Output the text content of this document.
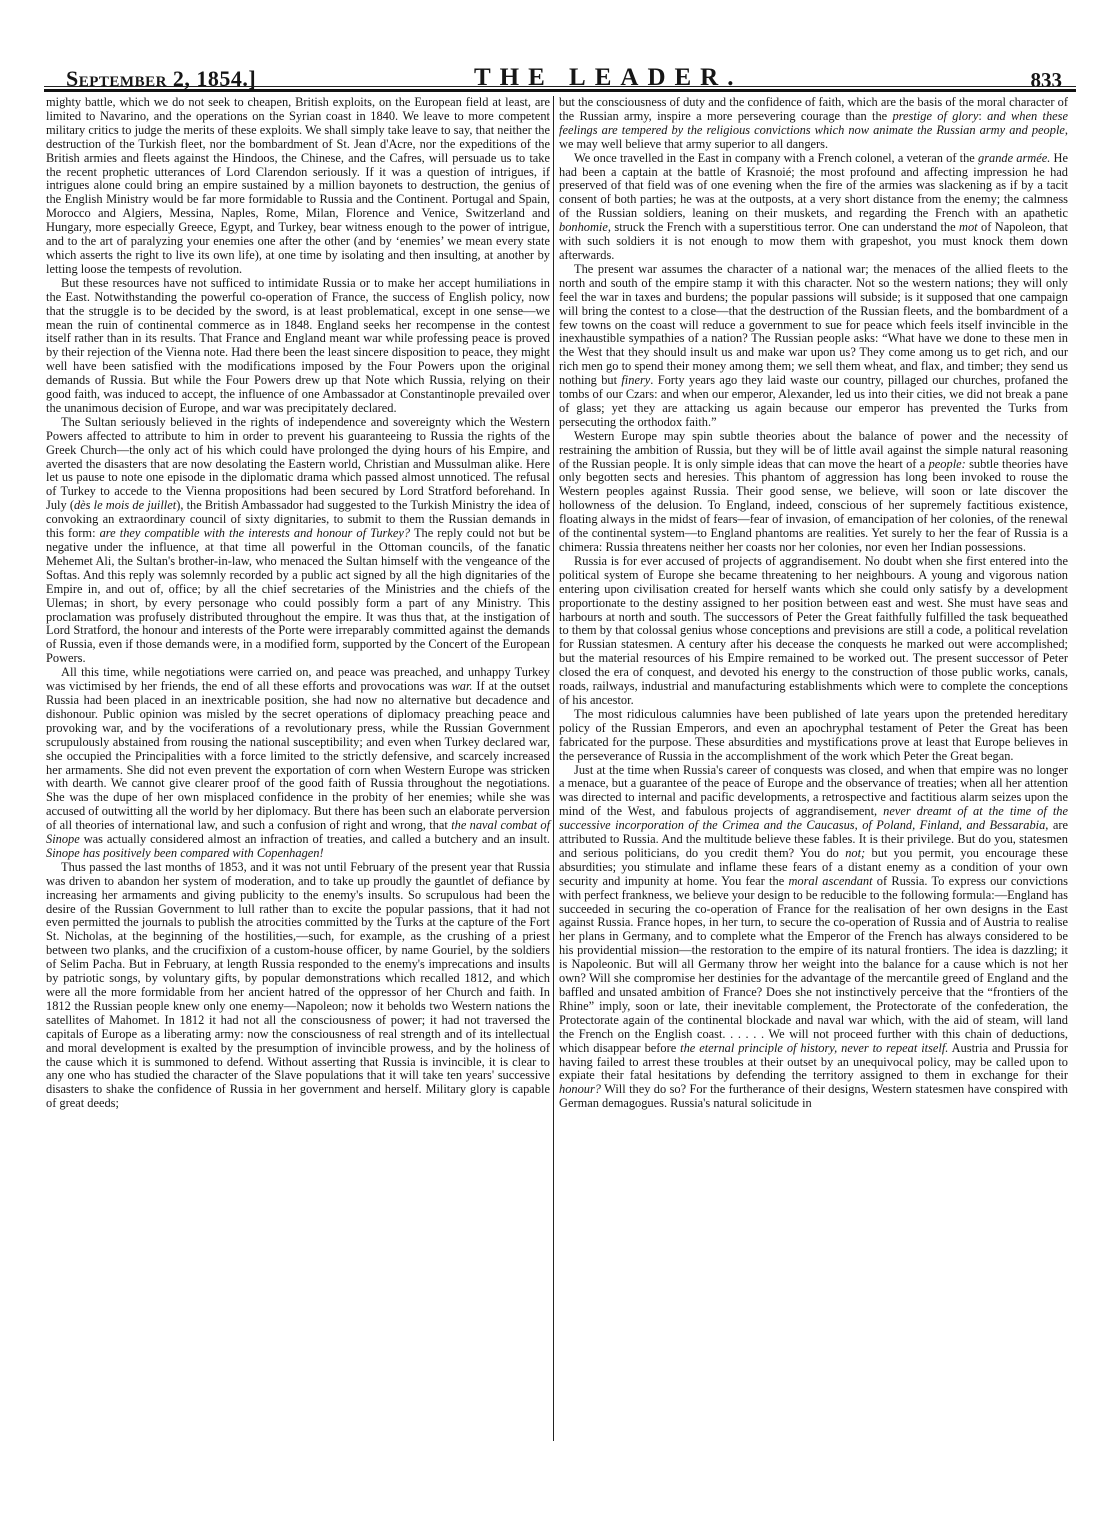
September 2, 1854.]	THE LEADER.	833

mighty battle, which we do not seek to cheapen, British exploits, on the European field at least, are limited to Navarino, and the operations on the Syrian coast in 1840. We leave to more competent military critics to judge the merits of these exploits. We shall simply take leave to say, that neither the destruction of the Turkish fleet, nor the bombardment of St. Jean d'Acre, nor the expeditions of the British armies and fleets against the Hindoos, the Chinese, and the Cafres, will persuade us to take the recent prophetic utterances of Lord Clarendon seriously. If it was a question of intrigues, if intrigues alone could bring an empire sustained by a million bayonets to destruction, the genius of the English Ministry would be far more formidable to Russia and the Continent. Portugal and Spain, Morocco and Algiers, Messina, Naples, Rome, Milan, Florence and Venice, Switzerland and Hungary, more especially Greece, Egypt, and Turkey, bear witness enough to the power of intrigue, and to the art of paralyzing your enemies one after the other (and by ‘enemies’ we mean every state which asserts the right to live its own life), at one time by isolating and then insulting, at another by letting loose the tempests of revolution.

But these resources have not sufficed to intimidate Russia or to make her accept humiliations in the East. Notwithstanding the powerful co-operation of France, the success of English policy, now that the struggle is to be decided by the sword, is at least problematical, except in one sense—we mean the ruin of continental commerce as in 1848. England seeks her recompense in the contest itself rather than in its results. That France and England meant war while professing peace is proved by their rejection of the Vienna note. Had there been the least sincere disposition to peace, they might well have been satisfied with the modifications imposed by the Four Powers upon the original demands of Russia. But while the Four Powers drew up that Note which Russia, relying on their good faith, was induced to accept, the influence of one Ambassador at Constantinople prevailed over the unanimous decision of Europe, and war was precipitately declared.

The Sultan seriously believed in the rights of independence and sovereignty which the Western Powers affected to attribute to him in order to prevent his guaranteeing to Russia the rights of the Greek Church—the only act of his which could have prolonged the dying hours of his Empire, and averted the disasters that are now desolating the Eastern world, Christian and Mussulman alike. Here let us pause to note one episode in the diplomatic drama which passed almost unnoticed. The refusal of Turkey to accede to the Vienna propositions had been secured by Lord Stratford beforehand. In July (dès le mois de juillet), the British Ambassador had suggested to the Turkish Ministry the idea of convoking an extraordinary council of sixty dignitaries, to submit to them the Russian demands in this form: are they compatible with the interests and honour of Turkey? The reply could not but be negative under the influence, at that time all powerful in the Ottoman councils, of the fanatic Mehemet Ali, the Sultan's brother-in-law, who menaced the Sultan himself with the vengeance of the Softas. And this reply was solemnly recorded by a public act signed by all the high dignitaries of the Empire in, and out of, office; by all the chief secretaries of the Ministries and the chiefs of the Ulemas; in short, by every personage who could possibly form a part of any Ministry. This proclamation was profusely distributed throughout the empire. It was thus that, at the instigation of Lord Stratford, the honour and interests of the Porte were irreparably committed against the demands of Russia, even if those demands were, in a modified form, supported by the Concert of the European Powers.

All this time, while negotiations were carried on, and peace was preached, and unhappy Turkey was victimised by her friends, the end of all these efforts and provocations was war. If at the outset Russia had been placed in an inextricable position, she had now no alternative but decadence and dishonour. Public opinion was misled by the secret operations of diplomacy preaching peace and provoking war, and by the vociferations of a revolutionary press, while the Russian Government scrupulously abstained from rousing the national susceptibility; and even when Turkey declared war, she occupied the Principalities with a force limited to the strictly defensive, and scarcely increased her armaments. She did not even prevent the exportation of corn when Western Europe was stricken with dearth. We cannot give clearer proof of the good faith of Russia throughout the negotiations. She was the dupe of her own misplaced confidence in the probity of her enemies; while she was accused of outwitting all the world by her diplomacy. But there has been such an elaborate perversion of all theories of international law, and such a confusion of right and wrong, that the naval combat of Sinope was actually considered almost an infraction of treaties, and called a butchery and an insult. Sinope has positively been compared with Copenhagen!

Thus passed the last months of 1853, and it was not until February of the present year that Russia was driven to abandon her system of moderation, and to take up proudly the gauntlet of defiance by increasing her armaments and giving publicity to the enemy's insults. So scrupulous had been the desire of the Russian Government to lull rather than to excite the popular passions, that it had not even permitted the journals to publish the atrocities committed by the Turks at the capture of the Fort St. Nicholas, at the beginning of the hostilities,—such, for example, as the crushing of a priest between two planks, and the crucifixion of a custom-house officer, by name Gouriel, by the soldiers of Selim Pacha. But in February, at length Russia responded to the enemy's imprecations and insults by patriotic songs, by voluntary gifts, by popular demonstrations which recalled 1812, and which were all the more formidable from her ancient hatred of the oppressor of her Church and faith. In 1812 the Russian people knew only one enemy—Napoleon; now it beholds two Western nations the satellites of Mahomet. In 1812 it had not all the consciousness of power; it had not traversed the capitals of Europe as a liberating army: now the consciousness of real strength and of its intellectual and moral development is exalted by the presumption of invincible prowess, and by the holiness of the cause which it is summoned to defend. Without asserting that Russia is invincible, it is clear to any one who has studied the character of the Slave populations that it will take ten years' successive disasters to shake the confidence of Russia in her government and herself. Military glory is capable of great deeds;

but the consciousness of duty and the confidence of faith, which are the basis of the moral character of the Russian army, inspire a more persevering courage than the prestige of glory: and when these feelings are tempered by the religious convictions which now animate the Russian army and people, we may well believe that army superior to all dangers.

We once travelled in the East in company with a French colonel, a veteran of the grande armée. He had been a captain at the battle of Krasnoié; the most profound and affecting impression he had preserved of that field was of one evening when the fire of the armies was slackening as if by a tacit consent of both parties; he was at the outposts, at a very short distance from the enemy; the calmness of the Russian soldiers, leaning on their muskets, and regarding the French with an apathetic bonhomie, struck the French with a superstitious terror. One can understand the mot of Napoleon, that with such soldiers it is not enough to mow them with grapeshot, you must knock them down afterwards.

The present war assumes the character of a national war; the menaces of the allied fleets to the north and south of the empire stamp it with this character. Not so the western nations; they will only feel the war in taxes and burdens; the popular passions will subside; is it supposed that one campaign will bring the contest to a close—that the destruction of the Russian fleets, and the bombardment of a few towns on the coast will reduce a government to sue for peace which feels itself invincible in the inexhaustible sympathies of a nation? The Russian people asks: “What have we done to these men in the West that they should insult us and make war upon us? They come among us to get rich, and our rich men go to spend their money among them; we sell them wheat, and flax, and timber; they send us nothing but finery. Forty years ago they laid waste our country, pillaged our churches, profaned the tombs of our Czars: and when our emperor, Alexander, led us into their cities, we did not break a pane of glass; yet they are attacking us again because our emperor has prevented the Turks from persecuting the orthodox faith.”

Western Europe may spin subtle theories about the balance of power and the necessity of restraining the ambition of Russia, but they will be of little avail against the simple natural reasoning of the Russian people. It is only simple ideas that can move the heart of a people: subtle theories have only begotten sects and heresies. This phantom of aggression has long been invoked to rouse the Western peoples against Russia. Their good sense, we believe, will soon or late discover the hollowness of the delusion. To England, indeed, conscious of her supremely factitious existence, floating always in the midst of fears—fear of invasion, of emancipation of her colonies, of the renewal of the continental system—to England phantoms are realities. Yet surely to her the fear of Russia is a chimera: Russia threatens neither her coasts nor her colonies, nor even her Indian possessions.

Russia is for ever accused of projects of aggrandisement. No doubt when she first entered into the political system of Europe she became threatening to her neighbours. A young and vigorous nation entering upon civilisation created for herself wants which she could only satisfy by a development proportionate to the destiny assigned to her position between east and west. She must have seas and harbours at north and south. The successors of Peter the Great faithfully fulfilled the task bequeathed to them by that colossal genius whose conceptions and previsions are still a code, a political revelation for Russian statesmen. A century after his decease the conquests he marked out were accomplished; but the material resources of his Empire remained to be worked out. The present successor of Peter closed the era of conquest, and devoted his energy to the construction of those public works, canals, roads, railways, industrial and manufacturing establishments which were to complete the conceptions of his ancestor.

The most ridiculous calumnies have been published of late years upon the pretended hereditary policy of the Russian Emperors, and even an apochryphal testament of Peter the Great has been fabricated for the purpose. These absurdities and mystifications prove at least that Europe believes in the perseverance of Russia in the accomplishment of the work which Peter the Great began.

Just at the time when Russia's career of conquests was closed, and when that empire was no longer a menace, but a guarantee of the peace of Europe and the observance of treaties; when all her attention was directed to internal and pacific developments, a retrospective and factitious alarm seizes upon the mind of the West, and fabulous projects of aggrandisement, never dreamt of at the time of the successive incorporation of the Crimea and the Caucasus, of Poland, Finland, and Bessarabia, are attributed to Russia. And the multitude believe these fables. It is their privilege. But do you, statesmen and serious politicians, do you credit them? You do not; but you permit, you encourage these absurdities; you stimulate and inflame these fears of a distant enemy as a condition of your own security and impunity at home. You fear the moral ascendant of Russia. To express our convictions with perfect frankness, we believe your design to be reducible to the following formula:—England has succeeded in securing the co-operation of France for the realisation of her own designs in the East against Russia. France hopes, in her turn, to secure the co-operation of Russia and of Austria to realise her plans in Germany, and to complete what the Emperor of the French has always considered to be his providential mission—the restoration to the empire of its natural frontiers. The idea is dazzling; it is Napoleonic. But will all Germany throw her weight into the balance for a cause which is not her own? Will she compromise her destinies for the advantage of the mercantile greed of England and the baffled and unsated ambition of France? Does she not instinctively perceive that the “frontiers of the Rhine” imply, soon or late, their inevitable complement, the Protectorate of the confederation, the Protectorate again of the continental blockade and naval war which, with the aid of steam, will land the French on the English coast. . . . . . We will not proceed further with this chain of deductions, which disappear before the eternal principle of history, never to repeat itself. Austria and Prussia for having failed to arrest these troubles at their outset by an unequivocal policy, may be called upon to expiate their fatal hesitations by defending the territory assigned to them in exchange for their honour? Will they do so? For the furtherance of their designs, Western statesmen have conspired with German demagogues. Russia's natural solicitude in
